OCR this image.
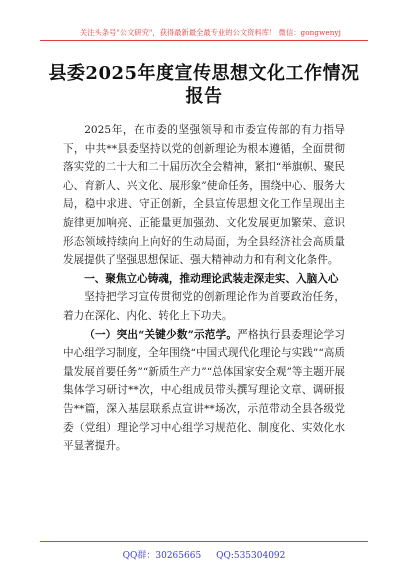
关注头条号"公文研究"，获得最新最全最专业的公文资料库！ 微信：gongwenyj
县委2025年度宣传思想文化工作情况报告

2025年，在市委的坚强领导和市委宣传部的有力指导下，中共**县委坚持以党的创新理论为根本遵循，全面贯彻落实党的二十大和二十届历次全会精神，紧扣“举旗帜、聚民心、育新人、兴文化、展形象”使命任务，围绕中心、服务大局，稳中求进、守正创新，全县宣传思想文化工作呈现出主旋律更加响亮、正能量更加强劲、文化发展更加繁荣、意识形态领域持续向上向好的生动局面，为全县经济社会高质量发展提供了坚强思想保证、强大精神动力和有利文化条件。

一、聚焦立心铸魂，推动理论武装走深走实、入脑入心

坚持把学习宣传贯彻党的创新理论作为首要政治任务，着力在深化、内化、转化上下功夫。

（一）突出“关键少数”示范学。严格执行县委理论学习中心组学习制度，全年围绕“中国式现代化理论与实践”“高质量发展首要任务”“新质生产力”“总体国家安全观”等主题开展集体学习研讨**次，中心组成员带头撰写理论文章、调研报告**篇，深入基层联系点宣讲**场次，示范带动全县各级党委（党组）理论学习中心组学习规范化、制度化、实效化水平显著提升。

QQ群：30265665 QQ:535304092
